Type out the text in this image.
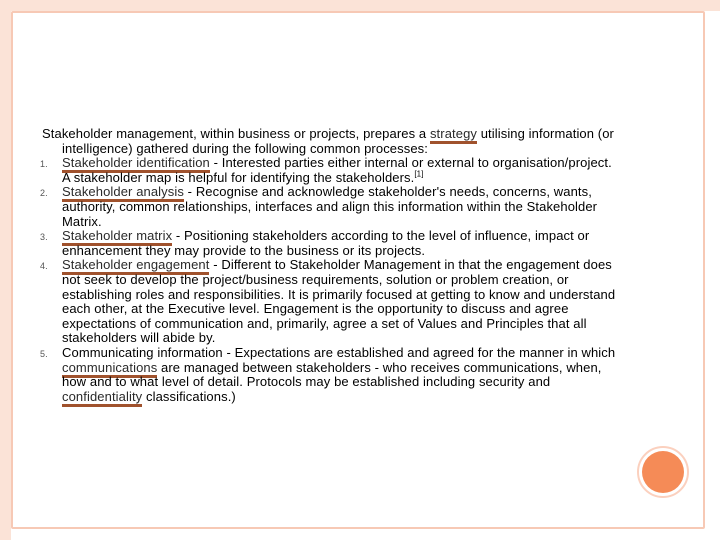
Stakeholder management, within business or projects, prepares a strategy utilising information (or intelligence) gathered during the following common processes:

1. Stakeholder identification - Interested parties either internal or external to organisation/project. A stakeholder map is helpful for identifying the stakeholders.[1]
2. Stakeholder analysis - Recognise and acknowledge stakeholder's needs, concerns, wants, authority, common relationships, interfaces and align this information within the Stakeholder Matrix.
3. Stakeholder matrix - Positioning stakeholders according to the level of influence, impact or enhancement they may provide to the business or its projects.
4. Stakeholder engagement - Different to Stakeholder Management in that the engagement does not seek to develop the project/business requirements, solution or problem creation, or establishing roles and responsibilities. It is primarily focused at getting to know and understand each other, at the Executive level. Engagement is the opportunity to discuss and agree expectations of communication and, primarily, agree a set of Values and Principles that all stakeholders will abide by.
5. Communicating information - Expectations are established and agreed for the manner in which communications are managed between stakeholders - who receives communications, when, how and to what level of detail. Protocols may be established including security and confidentiality classifications.)
